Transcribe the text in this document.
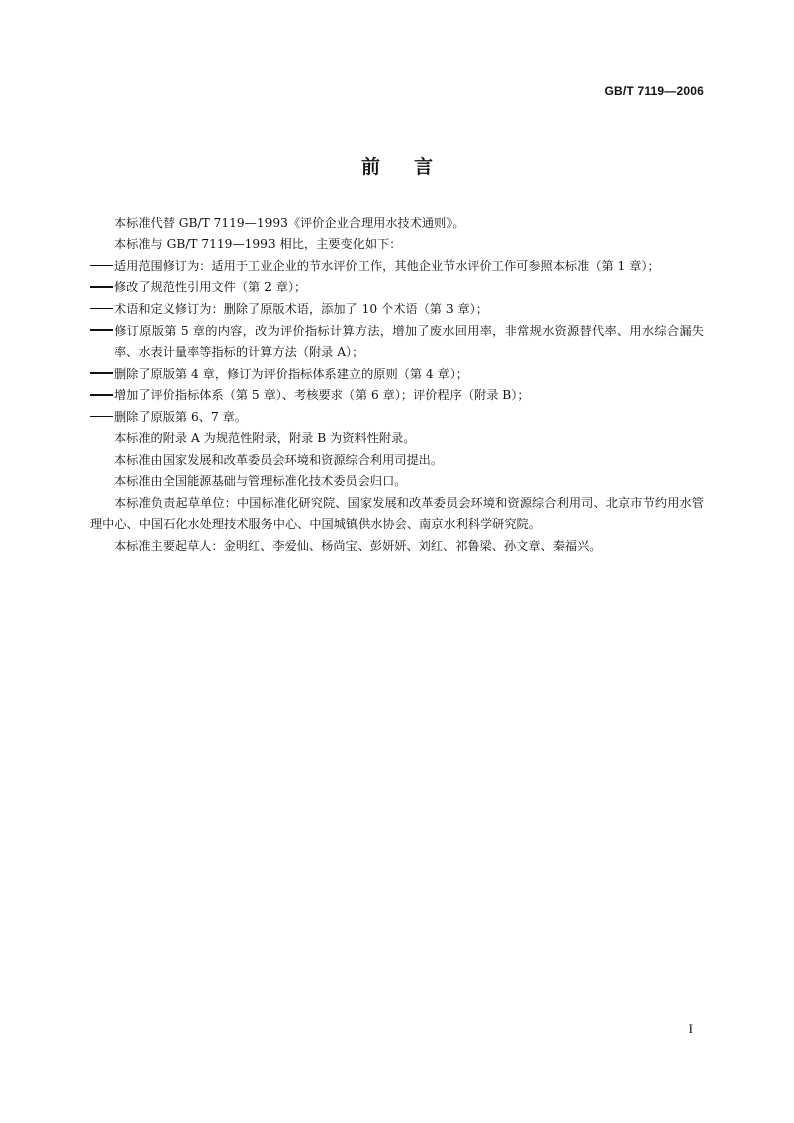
GB/T 7119—2006
前言

本标准代替 GB/T 7119—1993《评价企业合理用水技术通则》。

本标准与 GB/T 7119—1993 相比，主要变化如下：

适用范围修订为：适用于工业企业的节水评价工作，其他企业节水评价工作可参照本标准（第 1 章）；

修改了规范性引用文件（第 2 章）；

术语和定义修订为：删除了原版术语，添加了 10 个术语（第 3 章）；

修订原版第 5 章的内容，改为评价指标计算方法，增加了废水回用率，非常规水资源替代率、用水综合漏失率、水表计量率等指标的计算方法（附录 A）；

删除了原版第 4 章，修订为评价指标体系建立的原则（第 4 章）；

增加了评价指标体系（第 5 章）、考核要求（第 6 章）；评价程序（附录 B）；

删除了原版第 6、7 章。

本标准的附录 A 为规范性附录，附录 B 为资料性附录。

本标准由国家发展和改革委员会环境和资源综合利用司提出。

本标准由全国能源基础与管理标准化技术委员会归口。

本标准负责起草单位：中国标准化研究院、国家发展和改革委员会环境和资源综合利用司、北京市节约用水管理中心、中国石化水处理技术服务中心、中国城镇供水协会、南京水利科学研究院。

本标准主要起草人：金明红、李爱仙、杨尚宝、彭妍妍、刘红、祁鲁梁、孙文章、秦福兴。

I
